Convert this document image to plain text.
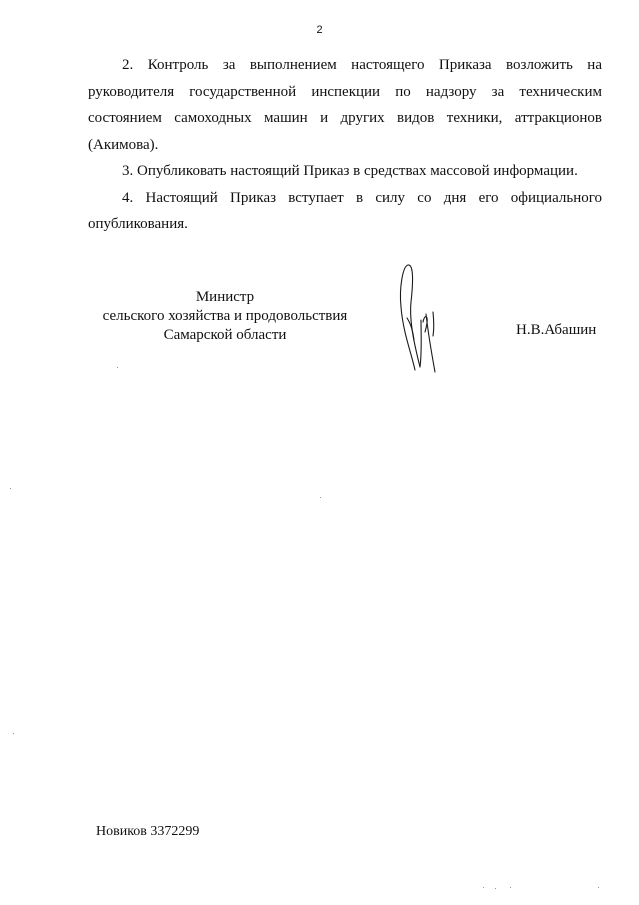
2

2. Контроль за выполнением настоящего Приказа возложить на руководителя государственной инспекции по надзору за техническим состоянием самоходных машин и других видов техники, аттракционов (Акимова).

3. Опубликовать настоящий Приказ в средствах массовой информации.

4. Настоящий Приказ вступает в силу со дня его официального опубликования.

Министр
сельского хозяйства и продовольствия
Самарской области	Н.В.Абашин
Новиков 3372299
